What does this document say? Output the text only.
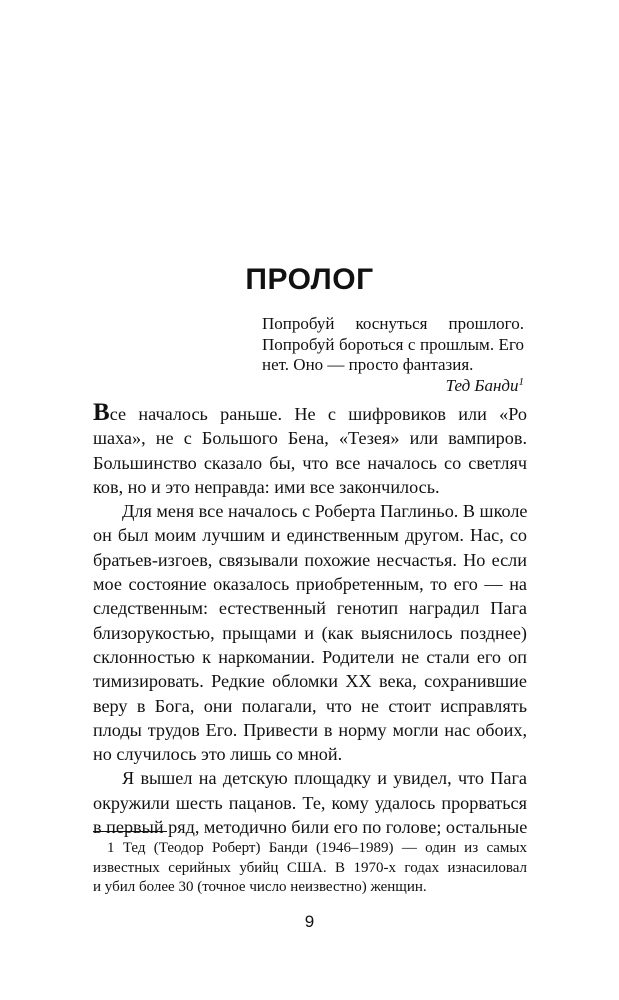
ПРОЛОГ
Попробуй коснуться прошлого.
Попробуй бороться с прошлым. Его
нет. Оно — просто фантазия.
Тед Банди$^1$
Все началось раньше. Не с шифровиков или «Ро
шаха», не с Большого Бена, «Тезея» или вампиров.
Большинство сказало бы, что все началось со светляч
ков, но и это неправда: ими все закончилось.
Для меня все началось с Роберта Паглиньо. В школе
он был моим лучшим и единственным другом. Нас, со
братьев-изгоев, связывали похожие несчастья. Но если
мое состояние оказалось приобретенным, то его — на
следственным: естественный генотип наградил Пага
близорукостью, прыщами и (как выяснилось позднее)
склонностью к наркомании. Родители не стали его оп
тимизировать. Редкие обломки XX века, сохранившие
веру в Бога, они полагали, что не стоит исправлять
плоды трудов Его. Привести в норму могли нас обоих,
но случилось это лишь со мной.
Я вышел на детскую площадку и увидел, что Пага
окружили шесть пацанов. Те, кому удалось прорваться
в первый ряд, методично били его по голове; остальные
1 Тед (Теодор Роберт) Банди (1946–1989) — один из самых
известных серийных убийц США. В 1970-х годах изнасиловал
и убил более 30 (точное число неизвестно) женщин.
9
